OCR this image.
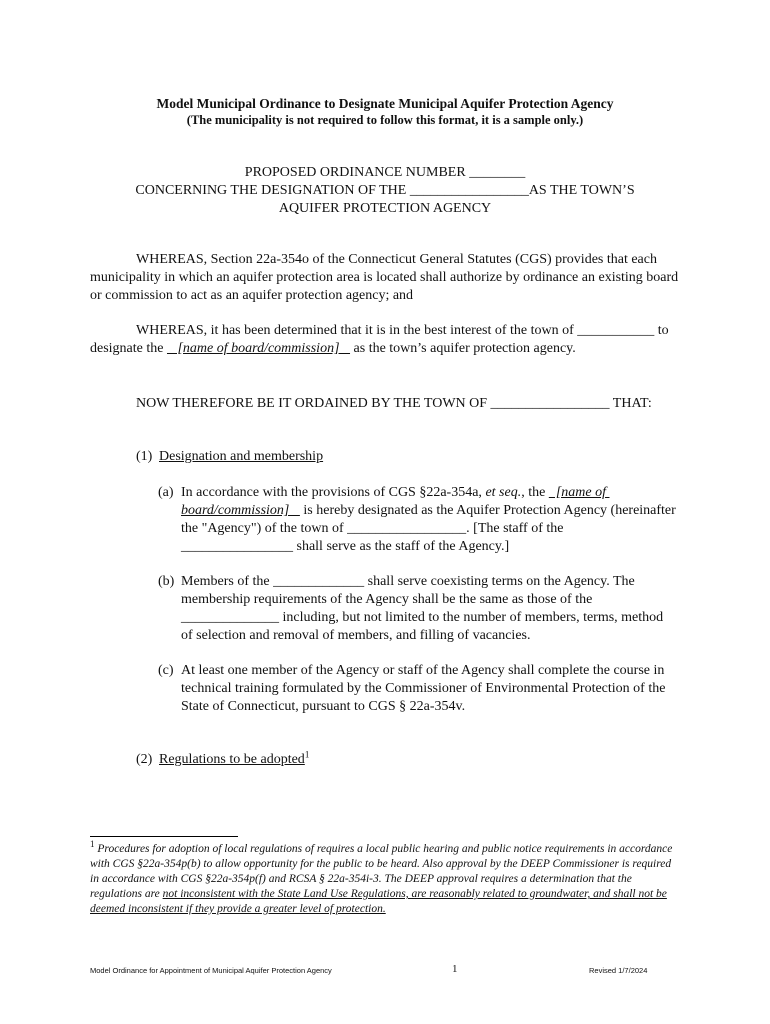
Model Municipal Ordinance to Designate Municipal Aquifer Protection Agency
(The municipality is not required to follow this format, it is a sample only.)
PROPOSED ORDINANCE NUMBER ________
CONCERNING THE DESIGNATION OF THE _________________AS THE TOWN’S
AQUIFER PROTECTION AGENCY
WHEREAS, Section 22a-354o of the Connecticut General Statutes (CGS) provides that each municipality in which an aquifer protection area is located shall authorize by ordinance an existing board or commission to act as an aquifer protection agency; and
WHEREAS, it has been determined that it is in the best interest of the town of ___________ to designate the    [name of board/commission]    as the town’s aquifer protection agency.
NOW THEREFORE BE IT ORDAINED BY THE TOWN OF _________________ THAT:
(1) Designation and membership
(a) In accordance with the provisions of CGS §22a-354a, et seq., the   [name of board/commission]    is hereby designated as the Aquifer Protection Agency (hereinafter the "Agency") of the town of _________________. [The staff of the ________________ shall serve as the staff of the Agency.]
(b) Members of the _____________ shall serve coexisting terms on the Agency. The membership requirements of the Agency shall be the same as those of the ______________ including, but not limited to the number of members, terms, method of selection and removal of members, and filling of vacancies.
(c) At least one member of the Agency or staff of the Agency shall complete the course in technical training formulated by the Commissioner of Environmental Protection of the State of Connecticut, pursuant to CGS § 22a-354v.
(2) Regulations to be adopted$^1$
$^1$ Procedures for adoption of local regulations of requires a local public hearing and public notice requirements in accordance with CGS §22a-354p(b) to allow opportunity for the public to be heard. Also approval by the DEEP Commissioner is required in accordance with CGS §22a-354p(f) and RCSA § 22a-354i-3. The DEEP approval requires a determination that the regulations are not inconsistent with the State Land Use Regulations, are reasonably related to groundwater, and shall not be deemed inconsistent if they provide a greater level of protection.
Model Ordinance for Appointment of Municipal Aquifer Protection Agency	1	Revised 1/7/2024
